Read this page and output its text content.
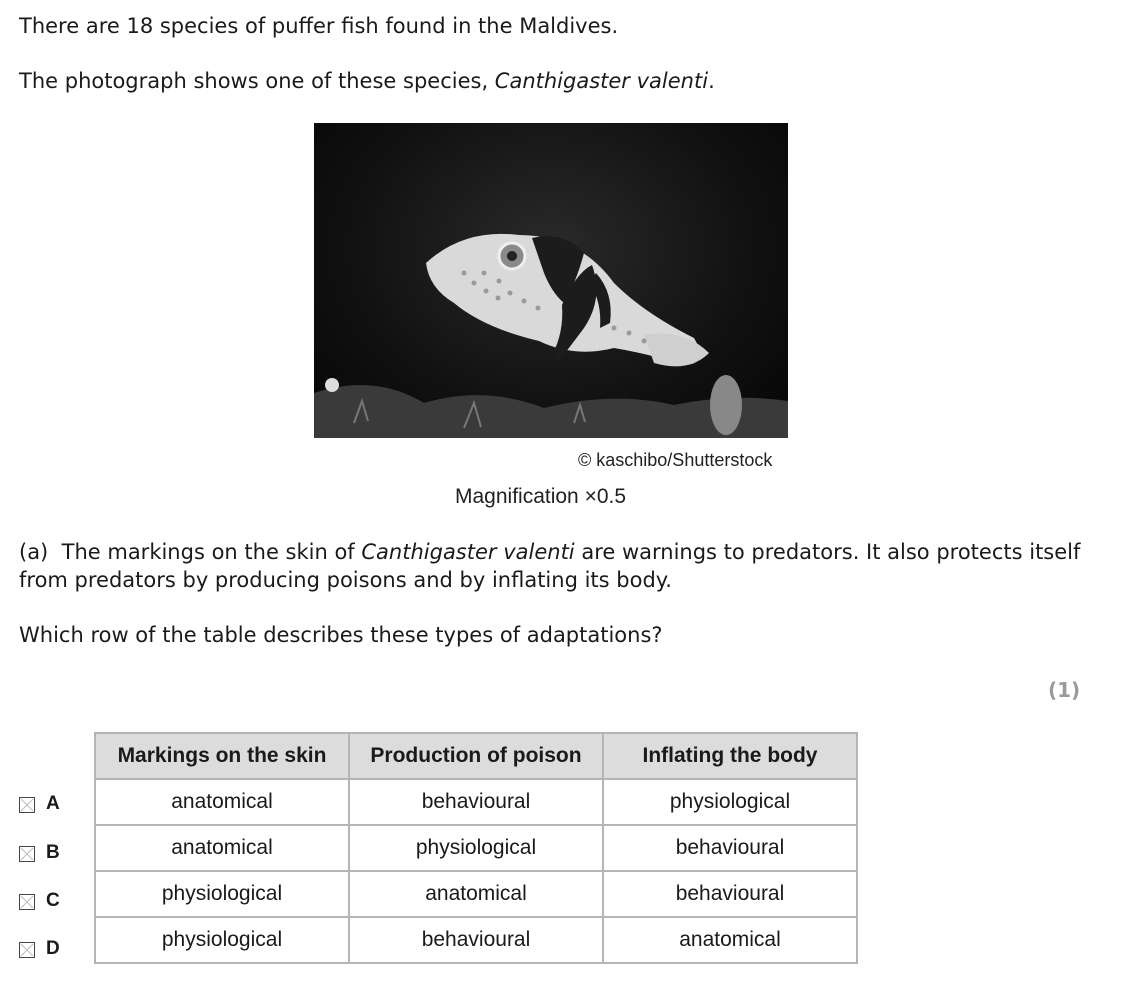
There are 18 species of puffer fish found in the Maldives.

The photograph shows one of these species, Canthigaster valenti.

© kaschibo/Shutterstock
Magnification ×0.5

(a) The markings on the skin of Canthigaster valenti are warnings to predators. It also protects itself from predators by producing poisons and by inflating its body.

Which row of the table describes these types of adaptations?

(1)
A
B
C
D
Markings on the skin	Production of poison	Inflating the body
anatomical	behavioural	physiological
anatomical	physiological	behavioural
physiological	anatomical	behavioural
physiological	behavioural	anatomical
